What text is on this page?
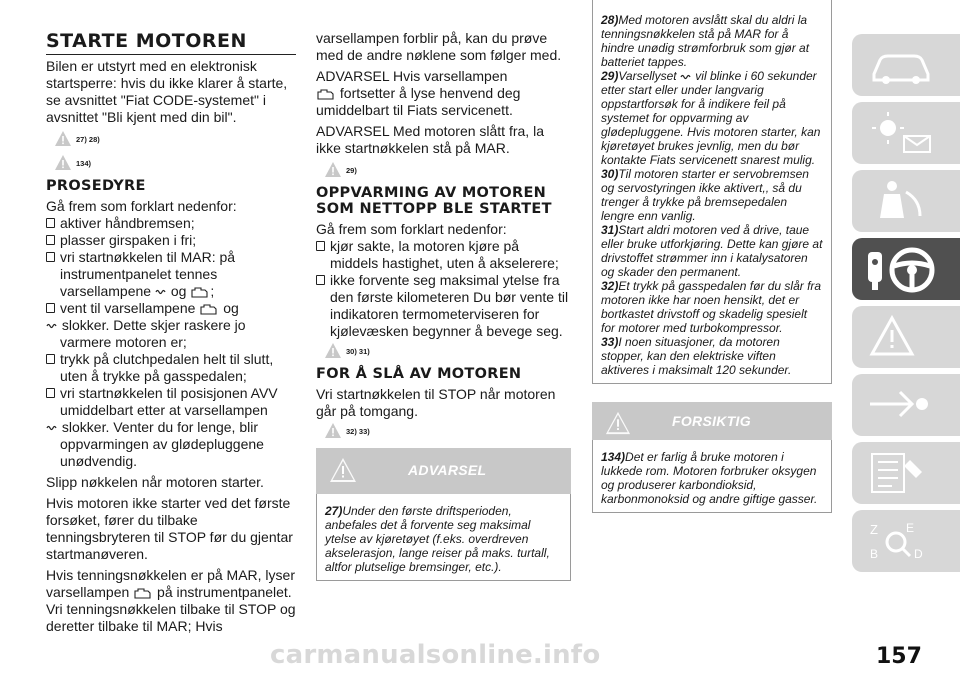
STARTE MOTOREN
Bilen er utstyrt med en elektronisk startsperre: hvis du ikke klarer å starte, se avsnittet "Fiat CODE-systemet" i avsnittet "Bli kjent med din bil".
27) 28)
134)
PROSEDYRE
Gå frem som forklart nedenfor:
aktiver håndbremsen;
plasser girspaken i fri;
vri startnøkkelen til MAR: på instrumentpanelet tennes varsellampene og ;
vent til varsellampene og
slokker. Dette skjer raskere jo varmere motoren er;
trykk på clutchpedalen helt til slutt, uten å trykke på gasspedalen;
vri startnøkkelen til posisjonen AVV umiddelbart etter at varsellampen
slokker. Venter du for lenge, blir oppvarmingen av glødepluggene unødvendig.
Slipp nøkkelen når motoren starter.
Hvis motoren ikke starter ved det første forsøket, fører du tilbake tenningsbryteren til STOP før du gjentar startmanøveren.
Hvis tenningsnøkkelen er på MAR, lyser varsellampen på instrumentpanelet. Vri tenningsnøkkelen tilbake til STOP og deretter tilbake til MAR; Hvis
varsellampen forblir på, kan du prøve med de andre nøklene som følger med.
ADVARSEL Hvis varsellampen
fortsetter å lyse henvend deg umiddelbart til Fiats servicenett.
ADVARSEL Med motoren slått fra, la ikke startnøkkelen stå på MAR.
29)
OPPVARMING AV MOTOREN SOM NETTOPP BLE STARTET
Gå frem som forklart nedenfor:
kjør sakte, la motoren kjøre på middels hastighet, uten å akselerere;
ikke forvente seg maksimal ytelse fra den første kilometeren Du bør vente til indikatoren termometerviseren for kjølevæsken begynner å bevege seg.
30) 31)
FOR Å SLÅ AV MOTOREN
Vri startnøkkelen til STOP når motoren går på tomgang.
32) 33)
ADVARSEL
27)Under den første driftsperioden, anbefales det å forvente seg maksimal ytelse av kjøretøyet (f.eks. overdreven akselerasjon, lange reiser på maks. turtall, altfor plutselige bremsinger, etc.).
28)Med motoren avslått skal du aldri la tenningsnøkkelen stå på MAR for å hindre unødig strømforbruk som gjør at batteriet tappes.
29)Varsellyset vil blinke i 60 sekunder etter start eller under langvarig oppstartforsøk for å indikere feil på systemet for oppvarming av glødepluggene. Hvis motoren starter, kan kjøretøyet brukes jevnlig, men du bør kontakte Fiats servicenett snarest mulig.
30)Til motoren starter er servobremsen og servostyringen ikke aktivert,, så du trenger å trykke på bremsepedalen lengre enn vanlig.
31)Start aldri motoren ved å drive, taue eller bruke utforkjøring. Dette kan gjøre at drivstoffet strømmer inn i katalysatoren og skader den permanent.
32)Et trykk på gasspedalen før du slår fra motoren ikke har noen hensikt, det er bortkastet drivstoff og skadelig spesielt for motorer med turbokompressor.
33)I noen situasjoner, da motoren stopper, kan den elektriske viften aktiveres i maksimalt 120 sekunder.
FORSIKTIG
134)Det er farlig å bruke motoren i lukkede rom. Motoren forbruker oksygen og produserer karbondioksid, karbonmonoksid og andre giftige gasser.
Z E
B	D
carmanualsonline.info	157
